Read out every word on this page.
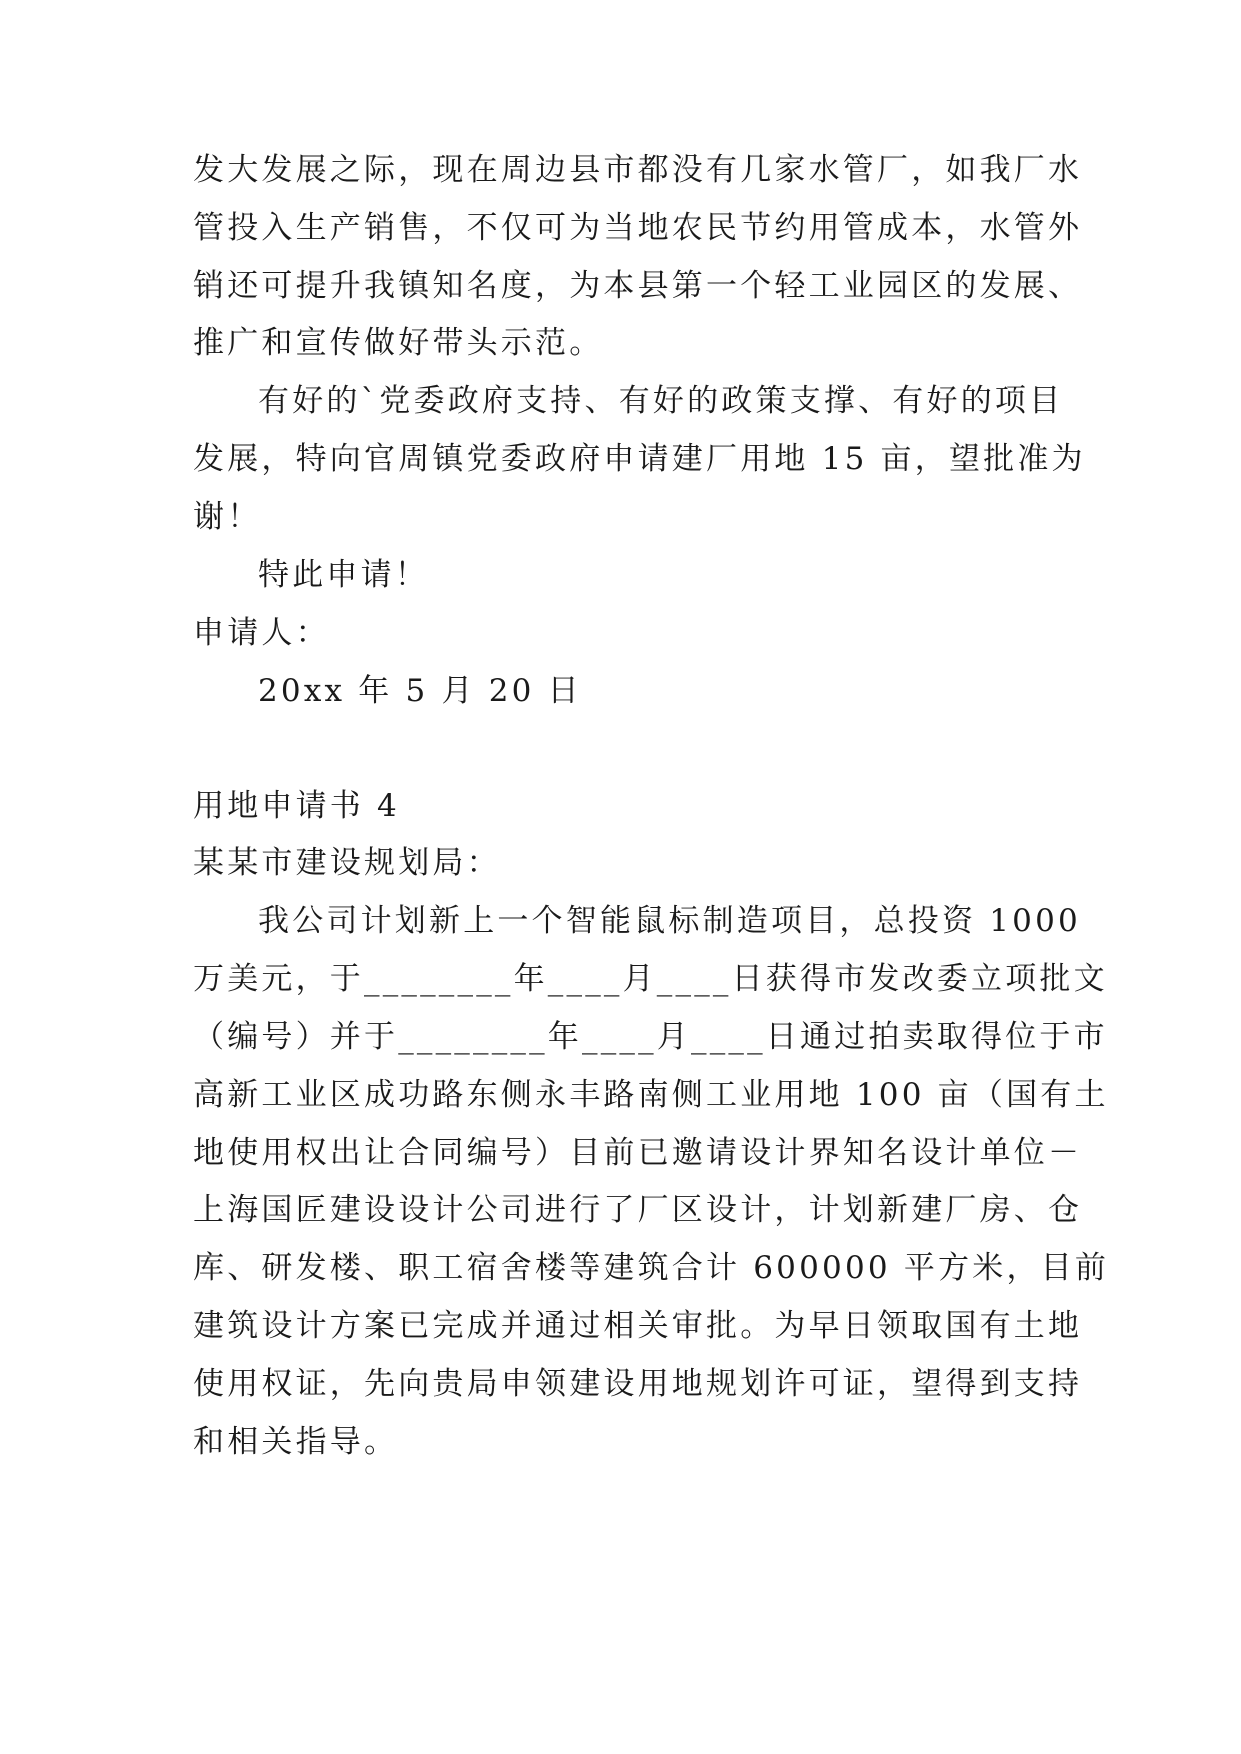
发大发展之际，现在周边县市都没有几家水管厂，如我厂水
管投入生产销售，不仅可为当地农民节约用管成本，水管外
销还可提升我镇知名度，为本县第一个轻工业园区的发展、
推广和宣传做好带头示范。
有好的`党委政府支持、有好的政策支撑、有好的项目
发展，特向官周镇党委政府申请建厂用地 15 亩，望批准为
谢！
特此申请！
申请人：
20xx 年 5 月 20 日
用地申请书 4
某某市建设规划局：
我公司计划新上一个智能鼠标制造项目，总投资 1000
万美元，于________年____月____日获得市发改委立项批文
（编号）并于________年____月____日通过拍卖取得位于市
高新工业区成功路东侧永丰路南侧工业用地 100 亩（国有土
地使用权出让合同编号）目前已邀请设计界知名设计单位－
上海国匠建设设计公司进行了厂区设计，计划新建厂房、仓
库、研发楼、职工宿舍楼等建筑合计 600000 平方米，目前
建筑设计方案已完成并通过相关审批。为早日领取国有土地
使用权证，先向贵局申领建设用地规划许可证，望得到支持
和相关指导。
